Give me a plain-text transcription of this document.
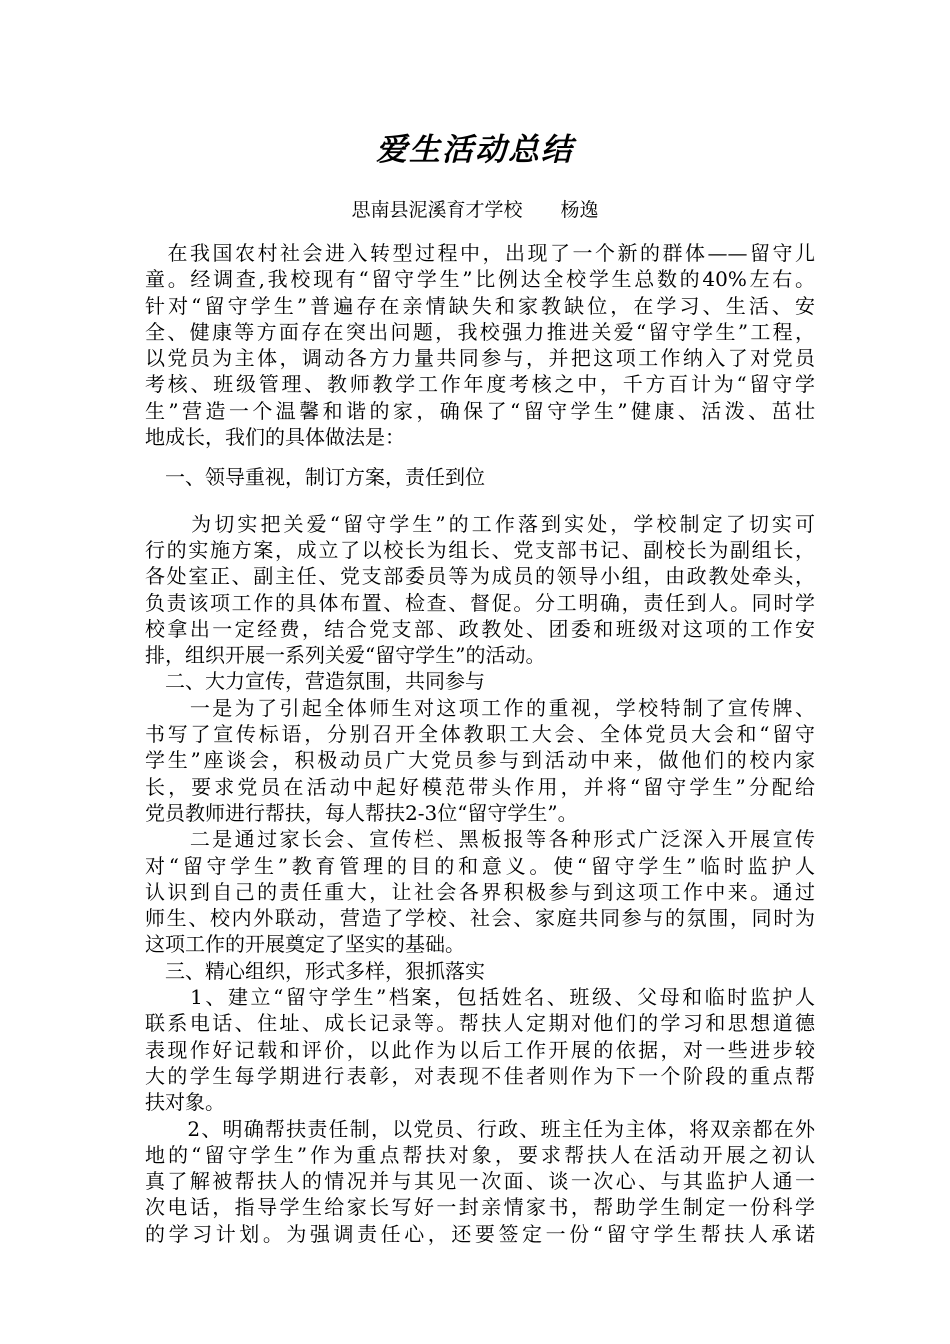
爱生活动总结
思南县泥溪育才学校　　杨逸
　在我国农村社会进入转型过程中，出现了一个新的群体——留守儿
童。经调查,我校现有“留守学生”比例达全校学生总数的40%左右。
针对“留守学生”普遍存在亲情缺失和家教缺位，在学习、生活、安
全、健康等方面存在突出问题，我校强力推进关爱“留守学生”工程，
以党员为主体，调动各方力量共同参与，并把这项工作纳入了对党员
考核、班级管理、教师教学工作年度考核之中，千方百计为“留守学
生”营造一个温馨和谐的家，确保了“留守学生”健康、活泼、茁壮
地成长，我们的具体做法是：
　一、领导重视，制订方案，责任到位
　　为切实把关爱“留守学生”的工作落到实处，学校制定了切实可
行的实施方案，成立了以校长为组长、党支部书记、副校长为副组长，
各处室正、副主任、党支部委员等为成员的领导小组，由政教处牵头，
负责该项工作的具体布置、检查、督促。分工明确，责任到人。同时学
校拿出一定经费，结合党支部、政教处、团委和班级对这项的工作安
排，组织开展一系列关爱“留守学生”的活动。
　二、大力宣传，营造氛围，共同参与
　　一是为了引起全体师生对这项工作的重视，学校特制了宣传牌、
书写了宣传标语，分别召开全体教职工大会、全体党员大会和“留守
学生”座谈会，积极动员广大党员参与到活动中来，做他们的校内家
长，要求党员在活动中起好模范带头作用，并将“留守学生”分配给
党员教师进行帮扶，每人帮扶2-3位“留守学生”。
　　二是通过家长会、宣传栏、黑板报等各种形式广泛深入开展宣传
对“留守学生”教育管理的目的和意义。使“留守学生”临时监护人
认识到自己的责任重大，让社会各界积极参与到这项工作中来。通过
师生、校内外联动，营造了学校、社会、家庭共同参与的氛围，同时为
这项工作的开展奠定了坚实的基础。
　三、精心组织，形式多样，狠抓落实
　　1、建立“留守学生”档案，包括姓名、班级、父母和临时监护人
联系电话、住址、成长记录等。帮扶人定期对他们的学习和思想道德
表现作好记载和评价，以此作为以后工作开展的依据，对一些进步较
大的学生每学期进行表彰，对表现不佳者则作为下一个阶段的重点帮
扶对象。
　　2、明确帮扶责任制，以党员、行政、班主任为主体，将双亲都在外
地的“留守学生”作为重点帮扶对象，要求帮扶人在活动开展之初认
真了解被帮扶人的情况并与其见一次面、谈一次心、与其监护人通一
次电话，指导学生给家长写好一封亲情家书，帮助学生制定一份科学
的学习计划。为强调责任心，还要签定一份“留守学生帮扶人承诺
